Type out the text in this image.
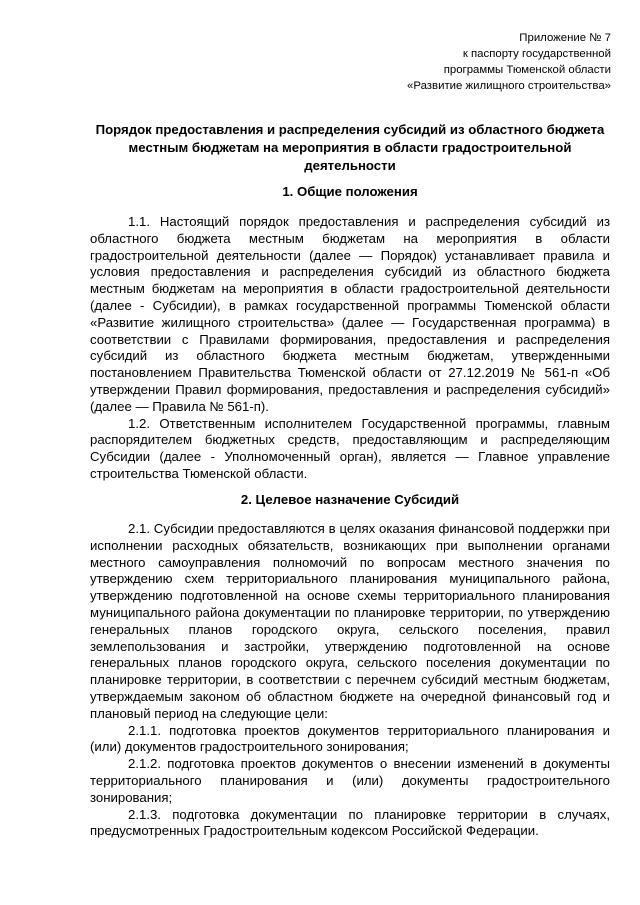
Приложение № 7
к паспорту государственной
программы Тюменской области
«Развитие жилищного строительства»
Порядок предоставления и распределения субсидий из областного бюджета местным бюджетам на мероприятия в области градостроительной деятельности
1. Общие положения

1.1. Настоящий порядок предоставления и распределения субсидий из областного бюджета местным бюджетам на мероприятия в области градостроительной деятельности (далее — Порядок) устанавливает правила и условия предоставления и распределения субсидий из областного бюджета местным бюджетам на мероприятия в области градостроительной деятельности (далее - Субсидии), в рамках государственной программы Тюменской области «Развитие жилищного строительства» (далее — Государственная программа) в соответствии с Правилами формирования, предоставления и распределения субсидий из областного бюджета местным бюджетам, утвержденными постановлением Правительства Тюменской области от 27.12.2019 № 561-п «Об утверждении Правил формирования, предоставления и распределения субсидий» (далее — Правила № 561-п).

1.2. Ответственным исполнителем Государственной программы, главным распорядителем бюджетных средств, предоставляющим и распределяющим Субсидии (далее - Уполномоченный орган), является — Главное управление строительства Тюменской области.

2. Целевое назначение Субсидий

2.1. Субсидии предоставляются в целях оказания финансовой поддержки при исполнении расходных обязательств, возникающих при выполнении органами местного самоуправления полномочий по вопросам местного значения по утверждению схем территориального планирования муниципального района, утверждению подготовленной на основе схемы территориального планирования муниципального района документации по планировке территории, по утверждению генеральных планов городского округа, сельского поселения, правил землепользования и застройки, утверждению подготовленной на основе генеральных планов городского округа, сельского поселения документации по планировке территории, в соответствии с перечнем субсидий местным бюджетам, утверждаемым законом об областном бюджете на очередной финансовый год и плановый период на следующие цели:

2.1.1. подготовка проектов документов территориального планирования и (или) документов градостроительного зонирования;

2.1.2. подготовка проектов документов о внесении изменений в документы территориального планирования и (или) документы градостроительного зонирования;

2.1.3. подготовка документации по планировке территории в случаях, предусмотренных Градостроительным кодексом Российской Федерации.
